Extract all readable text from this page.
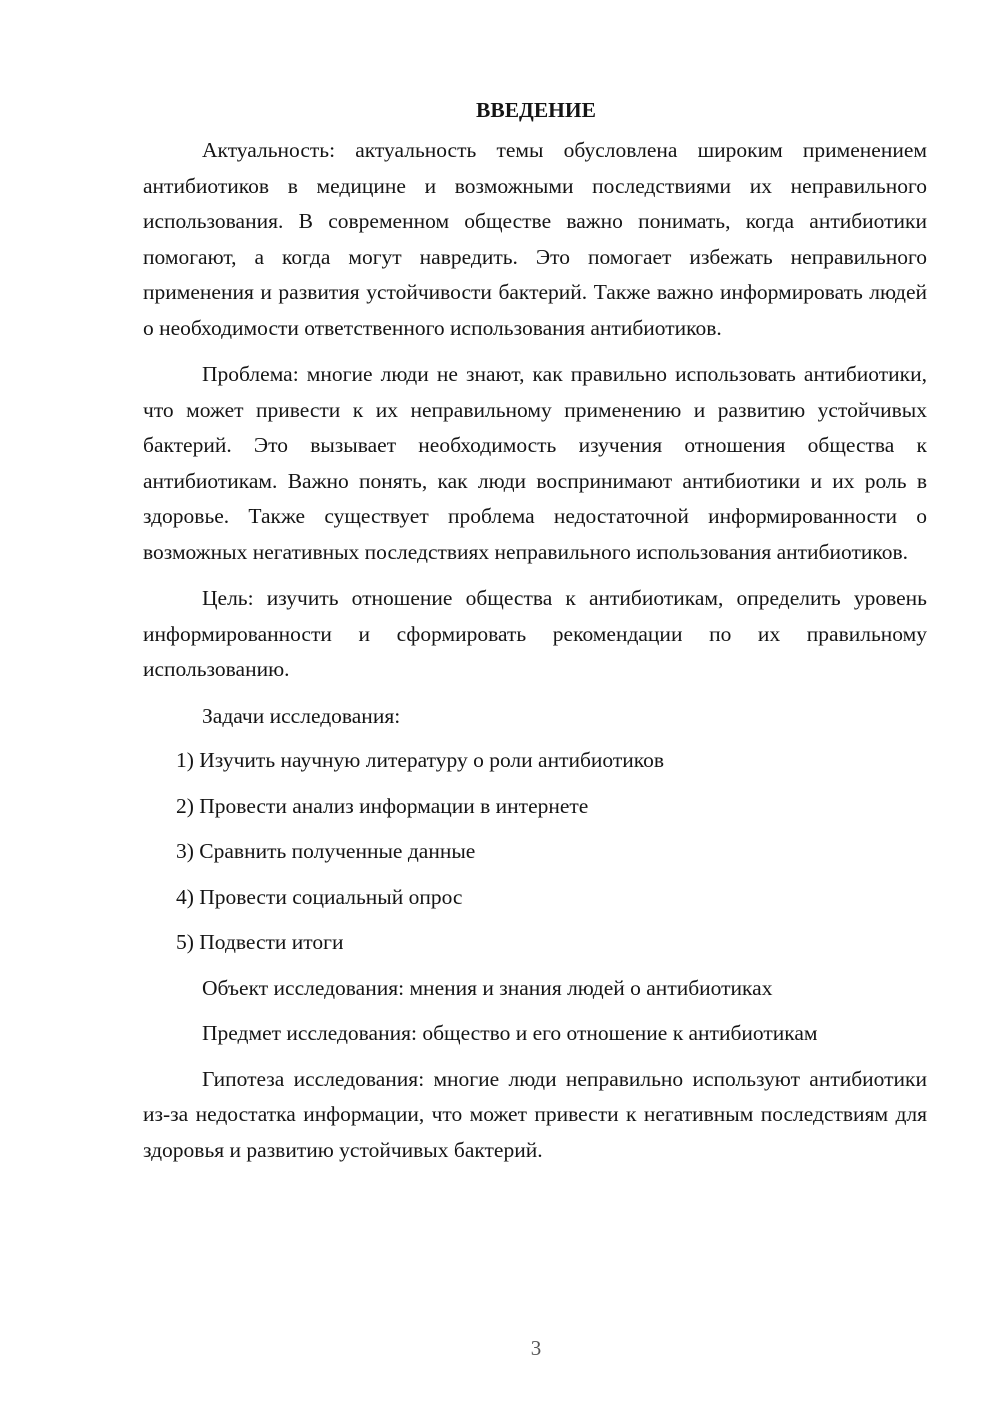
ВВЕДЕНИЕ

Актуальность: актуальность темы обусловлена широким применением антибиотиков в медицине и возможными последствиями их неправильного использования. В современном обществе важно понимать, когда антибиотики помогают, а когда могут навредить. Это помогает избежать неправильного применения и развития устойчивости бактерий. Также важно информировать людей о необходимости ответственного использования антибиотиков.

Проблема: многие люди не знают, как правильно использовать антибиотики, что может привести к их неправильному применению и развитию устойчивых бактерий. Это вызывает необходимость изучения отношения общества к антибиотикам. Важно понять, как люди воспринимают антибиотики и их роль в здоровье. Также существует проблема недостаточной информированности о возможных негативных последствиях неправильного использования антибиотиков.

Цель: изучить отношение общества к антибиотикам, определить уровень информированности и сформировать рекомендации по их правильному использованию.

Задачи исследования:

1) Изучить научную литературу о роли антибиотиков
2) Провести анализ информации в интернете
3) Сравнить полученные данные
4) Провести социальный опрос
5) Подвести итоги

Объект исследования: мнения и знания людей о антибиотиках

Предмет исследования: общество и его отношение к антибиотикам

Гипотеза исследования: многие люди неправильно используют антибиотики из-за недостатка информации, что может привести к негативным последствиям для здоровья и развитию устойчивых бактерий.

3
